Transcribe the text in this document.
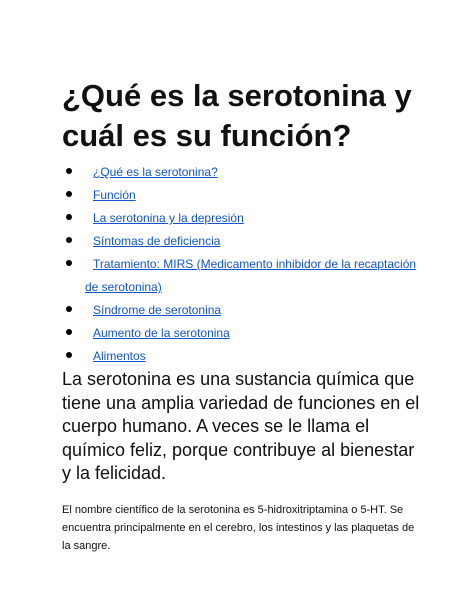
¿Qué es la serotonina y cuál es su función?
¿Qué es la serotonina?
Función
La serotonina y la depresión
Síntomas de deficiencia
Tratamiento: MIRS (Medicamento inhibidor de la recaptación
de serotonina)
Síndrome de serotonina
Aumento de la serotonina
Alimentos

La serotonina es una sustancia química que tiene una amplia variedad de funciones en el cuerpo humano. A veces se le llama el químico feliz, porque contribuye al bienestar y la felicidad.

El nombre científico de la serotonina es 5-hidroxitriptamina o 5-HT. Se encuentra principalmente en el cerebro, los intestinos y las plaquetas de la sangre.
